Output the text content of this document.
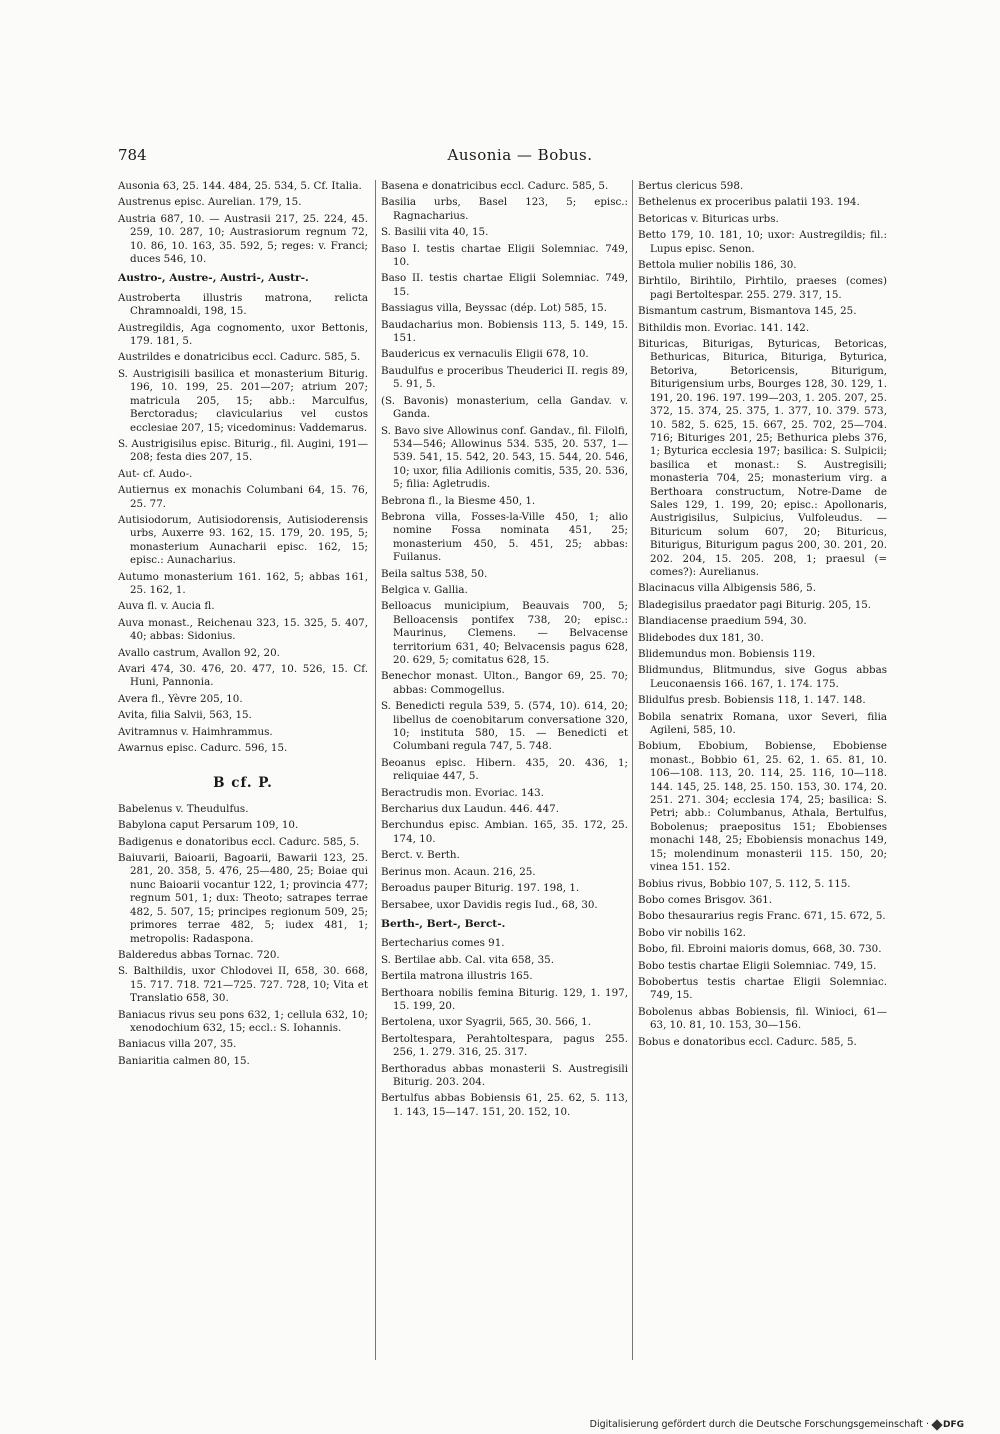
784	Ausonia — Bobus.
Ausonia 63, 25. 144. 484, 25. 534, 5. Cf. Italia.
Austrenus episc. Aurelian. 179, 15.
Austria 687, 10. — Austrasii 217, 25. 224, 45. 259, 10. 287, 10; Austrasiorum regnum 72, 10. 86, 10. 163, 35. 592, 5; reges: v. Franci; duces 546, 10.
Austro-, Austre-, Austri-, Austr-.
Austroberta illustris matrona, relicta Chramnoaldi, 198, 15.
Austregildis, Aga cognomento, uxor Bettonis, 179. 181, 5.
Austrildes e donatricibus eccl. Cadurc. 585, 5.
S. Austrigisili basilica et monasterium Biturig. 196, 10. 199, 25. 201—207; atrium 207; matricula 205, 15; abb.: Marculfus, Berctoradus; clavicularius vel custos ecclesiae 207, 15; vicedominus: Vaddemarus.
S. Austrigisilus episc. Biturig., fil. Augini, 191—208; festa dies 207, 15.
Aut- cf. Audo-.
Autiernus ex monachis Columbani 64, 15. 76, 25. 77.
Autisiodorum, Autisiodorensis, Autisioderensis urbs, Auxerre 93. 162, 15. 179, 20. 195, 5; monasterium Aunacharii episc. 162, 15; episc.: Aunacharius.
Autumo monasterium 161. 162, 5; abbas 161, 25. 162, 1.
Auva fl. v. Aucia fl.
Auva monast., Reichenau 323, 15. 325, 5. 407, 40; abbas: Sidonius.
Avallo castrum, Avallon 92, 20.
Avari 474, 30. 476, 20. 477, 10. 526, 15. Cf. Huni, Pannonia.
Avera fl., Yèvre 205, 10.
Avita, filia Salvii, 563, 15.
Avitramnus v. Haimhrammus.
Awarnus episc. Cadurc. 596, 15.
B cf. P.
Babelenus v. Theudulfus.
Babylona caput Persarum 109, 10.
Badigenus e donatoribus eccl. Cadurc. 585, 5.
Baiuvarii, Baioarii, Bagoarii, Bawarii 123, 25. 281, 20. 358, 5. 476, 25—480, 25; Boiae qui nunc Baioarii vocantur 122, 1; provincia 477; regnum 501, 1; dux: Theoto; satrapes terrae 482, 5. 507, 15; principes regionum 509, 25; primores terrae 482, 5; iudex 481, 1; metropolis: Radaspona.
Balderedus abbas Tornac. 720.
S. Balthildis, uxor Chlodovei II, 658, 30. 668, 15. 717. 718. 721—725. 727. 728, 10; Vita et Translatio 658, 30.
Baniacus rivus seu pons 632, 1; cellula 632, 10; xenodochium 632, 15; eccl.: S. Iohannis.
Baniacus villa 207, 35.
Baniaritia calmen 80, 15.
Basena e donatricibus eccl. Cadurc. 585, 5.
Basilia urbs, Basel 123, 5; episc.: Ragnacharius.
S. Basilii vita 40, 15.
Baso I. testis chartae Eligii Solemniac. 749, 10.
Baso II. testis chartae Eligii Solemniac. 749, 15.
Bassiagus villa, Beyssac (dép. Lot) 585, 15.
Baudacharius mon. Bobiensis 113, 5. 149, 15. 151.
Baudericus ex vernaculis Eligii 678, 10.
Baudulfus e proceribus Theuderici II. regis 89, 5. 91, 5.
(S. Bavonis) monasterium, cella Gandav. v. Ganda.
S. Bavo sive Allowinus conf. Gandav., fil. Filolfi, 534—546; Allowinus 534. 535, 20. 537, 1—539. 541, 15. 542, 20. 543, 15. 544, 20. 546, 10; uxor, filia Adilionis comitis, 535, 20. 536, 5; filia: Agletrudis.
Bebrona fl., la Biesme 450, 1.
Bebrona villa, Fosses-la-Ville 450, 1; alio nomine Fossa nominata 451, 25; monasterium 450, 5. 451, 25; abbas: Fuilanus.
Beila saltus 538, 50.
Belgica v. Gallia.
Belloacus municipium, Beauvais 700, 5; Belloacensis pontifex 738, 20; episc.: Maurinus, Clemens. — Belvacense territorium 631, 40; Belvacensis pagus 628, 20. 629, 5; comitatus 628, 15.
Benechor monast. Ulton., Bangor 69, 25. 70; abbas: Commogellus.
S. Benedicti regula 539, 5. (574, 10). 614, 20; libellus de coenobitarum conversatione 320, 10; instituta 580, 15. — Benedicti et Columbani regula 747, 5. 748.
Beoanus episc. Hibern. 435, 20. 436, 1; reliquiae 447, 5.
Beractrudis mon. Evoriac. 143.
Bercharius dux Laudun. 446. 447.
Berchundus episc. Ambian. 165, 35. 172, 25. 174, 10.
Berct. v. Berth.
Berinus mon. Acaun. 216, 25.
Beroadus pauper Biturig. 197. 198, 1.
Bersabee, uxor Davidis regis Iud., 68, 30.
Berth-, Bert-, Berct-.
Bertecharius comes 91.
S. Bertilae abb. Cal. vita 658, 35.
Bertila matrona illustris 165.
Berthoara nobilis femina Biturig. 129, 1. 197, 15. 199, 20.
Bertolena, uxor Syagrii, 565, 30. 566, 1.
Bertoltespara, Perahtoltespara, pagus 255. 256, 1. 279. 316, 25. 317.
Berthoradus abbas monasterii S. Austregisili Biturig. 203. 204.
Bertulfus abbas Bobiensis 61, 25. 62, 5. 113, 1. 143, 15—147. 151, 20. 152, 10.
Bertus clericus 598.
Bethelenus ex proceribus palatii 193. 194.
Betoricas v. Bituricas urbs.
Betto 179, 10. 181, 10; uxor: Austregildis; fil.: Lupus episc. Senon.
Bettola mulier nobilis 186, 30.
Birhtilo, Birihtilo, Pirhtilo, praeses (comes) pagi Bertoltespar. 255. 279. 317, 15.
Bismantum castrum, Bismantova 145, 25.
Bithildis mon. Evoriac. 141. 142.
Bituricas, Biturigas, Byturicas, Betoricas, Bethuricas, Biturica, Bituriga, Byturica, Betoriva, Betoricensis, Biturigum, Biturigensium urbs, Bourges 128, 30. 129, 1. 191, 20. 196. 197. 199—203, 1. 205. 207, 25. 372, 15. 374, 25. 375, 1. 377, 10. 379. 573, 10. 582, 5. 625, 15. 667, 25. 702, 25—704. 716; Bituriges 201, 25; Bethurica plebs 376, 1; Byturica ecclesia 197; basilica: S. Sulpicii; basilica et monast.: S. Austregisili; monasteria 704, 25; monasterium virg. a Berthoara constructum, Notre-Dame de Sales 129, 1. 199, 20; episc.: Apollonaris, Austrigisilus, Sulpicius, Vulfoleudus. — Bituricum solum 607, 20; Bituricus, Biturigus, Biturigum pagus 200, 30. 201, 20. 202. 204, 15. 205. 208, 1; praesul (= comes?): Aurelianus.
Blacinacus villa Albigensis 586, 5.
Bladegisilus praedator pagi Biturig. 205, 15.
Blandiacense praedium 594, 30.
Blidebodes dux 181, 30.
Blidemundus mon. Bobiensis 119.
Blidmundus, Blitmundus, sive Gogus abbas Leuconaensis 166. 167, 1. 174. 175.
Blidulfus presb. Bobiensis 118, 1. 147. 148.
Bobila senatrix Romana, uxor Severi, filia Agileni, 585, 10.
Bobium, Ebobium, Bobiense, Ebobiense monast., Bobbio 61, 25. 62, 1. 65. 81, 10. 106—108. 113, 20. 114, 25. 116, 10—118. 144. 145, 25. 148, 25. 150. 153, 30. 174, 20. 251. 271. 304; ecclesia 174, 25; basilica: S. Petri; abb.: Columbanus, Athala, Bertulfus, Bobolenus; praepositus 151; Ebobienses monachi 148, 25; Ebobiensis monachus 149, 15; molendinum monasterii 115. 150, 20; vinea 151. 152.
Bobius rivus, Bobbio 107, 5. 112, 5. 115.
Bobo comes Brisgov. 361.
Bobo thesaurarius regis Franc. 671, 15. 672, 5.
Bobo vir nobilis 162.
Bobo, fil. Ebroini maioris domus, 668, 30. 730.
Bobo testis chartae Eligii Solemniac. 749, 15.
Bobobertus testis chartae Eligii Solemniac. 749, 15.
Bobolenus abbas Bobiensis, fil. Winioci, 61—63, 10. 81, 10. 153, 30—156.
Bobus e donatoribus eccl. Cadurc. 585, 5.
Digitalisierung gefördert durch die Deutsche Forschungsgemeinschaft · DFG
